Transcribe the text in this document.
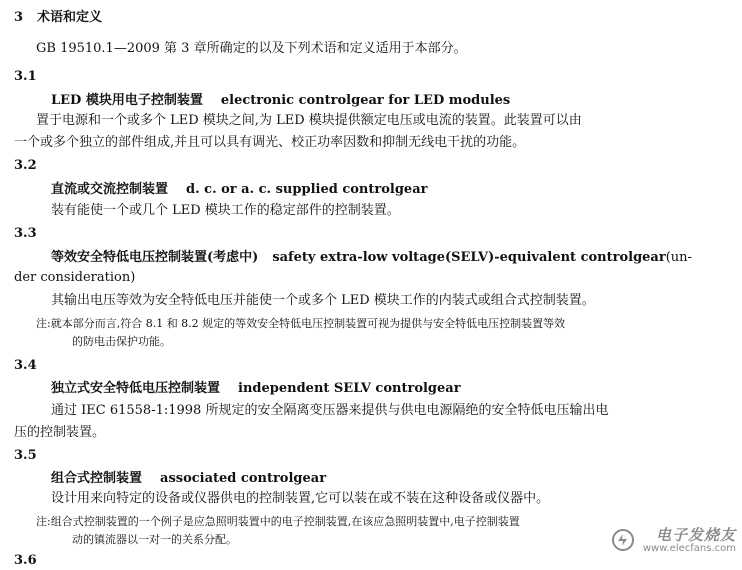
3 术语和定义
GB 19510.1—2009 第 3 章所确定的以及下列术语和定义适用于本部分。
3.1
LED 模块用电子控制装置 electronic controlgear for LED modules
置于电源和一个或多个 LED 模块之间,为 LED 模块提供额定电压或电流的装置。此装置可以由
一个或多个独立的部件组成,并且可以具有调光、校正功率因数和抑制无线电干扰的功能。
3.2
直流或交流控制装置 d. c. or a. c. supplied controlgear
装有能使一个或几个 LED 模块工作的稳定部件的控制装置。
3.3
等效安全特低电压控制装置(考虑中) safety extra-low voltage(SELV)-equivalent controlgear(un-
der consideration)
其输出电压等效为安全特低电压并能使一个或多个 LED 模块工作的内装式或组合式控制装置。
注:就本部分而言,符合 8.1 和 8.2 规定的等效安全特低电压控制装置可视为提供与安全特低电压控制装置等效
的防电击保护功能。
3.4
独立式安全特低电压控制装置 independent SELV controlgear
通过 IEC 61558-1:1998 所规定的安全隔离变压器来提供与供电电源隔绝的安全特低电压输出电
压的控制装置。
3.5
组合式控制装置 associated controlgear
设计用来向特定的设备或仪器供电的控制装置,它可以装在或不装在这种设备或仪器中。
注:组合式控制装置的一个例子是应急照明装置中的电子控制装置,在该应急照明装置中,电子控制装置
动的镇流器以一对一的关系分配。
3.6

电子发烧友
www.elecfans.com
